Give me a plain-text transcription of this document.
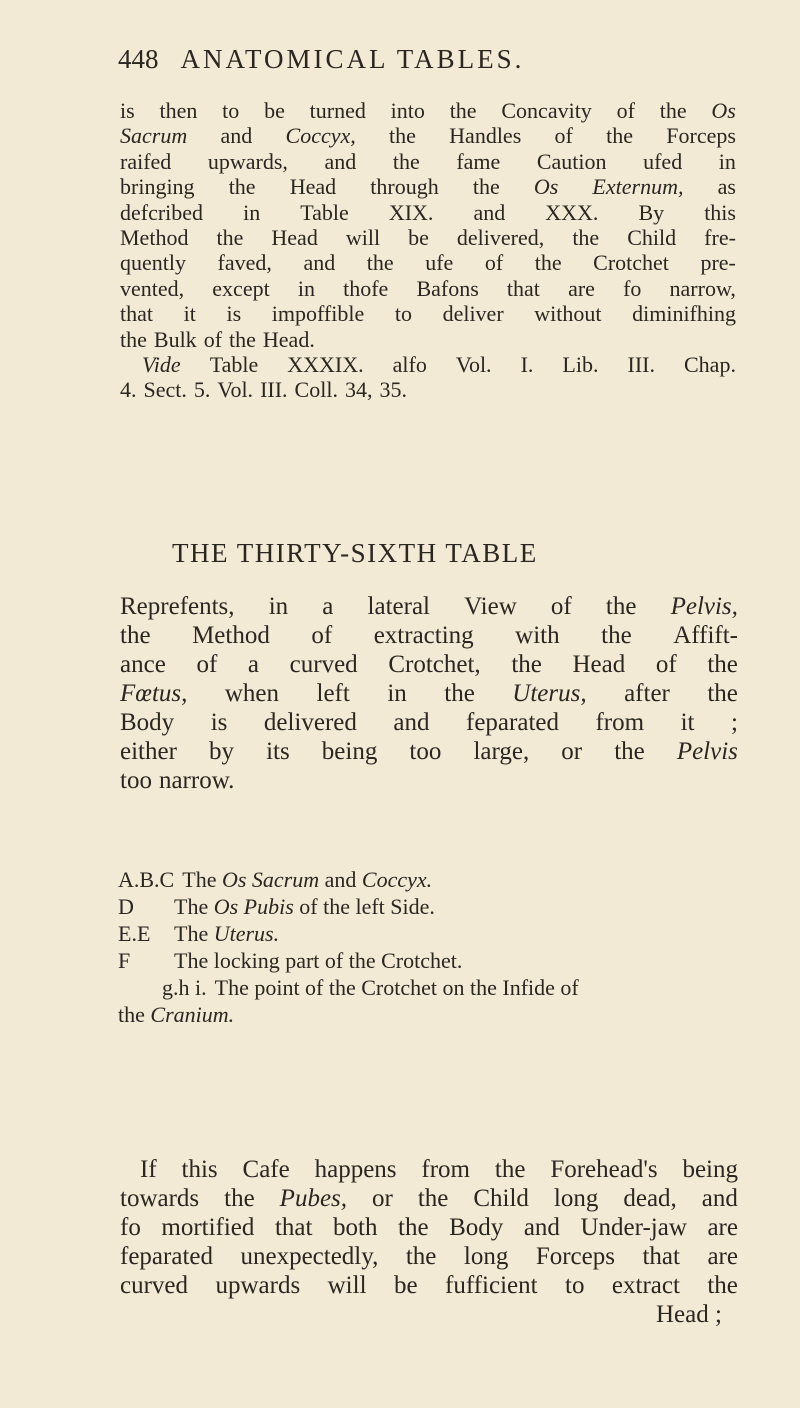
448 ANATOMICAL TABLES.
is then to be turned into the Concavity of the Os
Sacrum and Coccyx, the Handles of the Forceps
raifed upwards, and the fame Caution ufed in
bringing the Head through the Os Externum, as
defcribed in Table XIX. and XXX. By this
Method the Head will be delivered, the Child fre-
quently faved, and the ufe of the Crotchet pre-
vented, except in thofe Bafons that are fo narrow,
that it is impoffible to deliver without diminifhing
the Bulk of the Head.
Vide Table XXXIX. alfo Vol. I. Lib. III. Chap.
4. Sect. 5. Vol. III. Coll. 34, 35.
THE THIRTY-SIXTH TABLE
Reprefents, in a lateral View of the Pelvis,
the Method of extracting with the Affift-
ance of a curved Crotchet, the Head of the
Fœtus, when left in the Uterus, after the
Body is delivered and feparated from it ;
either by its being too large, or the Pelvis
too narrow.
A.B.C The Os Sacrum and Coccyx.
D The Os Pubis of the left Side.
E.E The Uterus.
F The locking part of the Crotchet.
g.h i. The point of the Crotchet on the Infide of
the Cranium.
If this Cafe happens from the Forehead's being
towards the Pubes, or the Child long dead, and
fo mortified that both the Body and Under-jaw are
feparated unexpectedly, the long Forceps that are
curved upwards will be fufficient to extract the
Head ;
